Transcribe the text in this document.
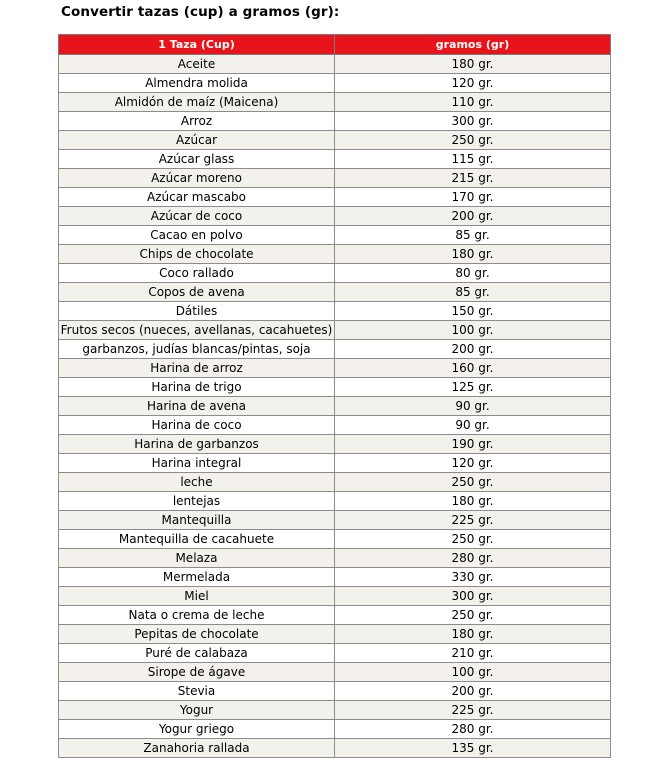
Convertir tazas (cup) a gramos (gr):
1 Taza (Cup)	gramos (gr)
Aceite	180 gr.
Almendra molida	120 gr.
Almidón de maíz (Maicena)	110 gr.
Arroz	300 gr.
Azúcar	250 gr.
Azúcar glass	115 gr.
Azúcar moreno	215 gr.
Azúcar mascabo	170 gr.
Azúcar de coco	200 gr.
Cacao en polvo	85 gr.
Chips de chocolate	180 gr.
Coco rallado	80 gr.
Copos de avena	85 gr.
Dátiles	150 gr.
Frutos secos (nueces, avellanas, cacahuetes)	100 gr.
garbanzos, judías blancas/pintas, soja	200 gr.
Harina de arroz	160 gr.
Harina de trigo	125 gr.
Harina de avena	90 gr.
Harina de coco	90 gr.
Harina de garbanzos	190 gr.
Harina integral	120 gr.
leche	250 gr.
lentejas	180 gr.
Mantequilla	225 gr.
Mantequilla de cacahuete	250 gr.
Melaza	280 gr.
Mermelada	330 gr.
Miel	300 gr.
Nata o crema de leche	250 gr.
Pepitas de chocolate	180 gr.
Puré de calabaza	210 gr.
Sirope de ágave	100 gr.
Stevia	200 gr.
Yogur	225 gr.
Yogur griego	280 gr.
Zanahoria rallada	135 gr.
